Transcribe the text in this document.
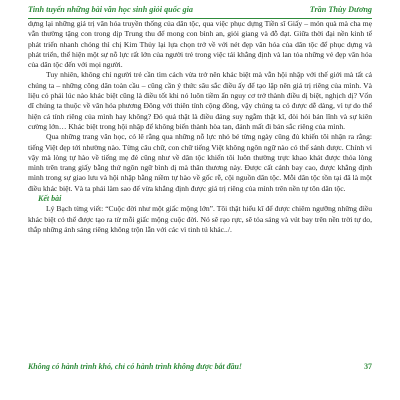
Tinh tuyển những bài văn học sinh giỏi quốc gia	Trần Thùy Dương

dựng lại những giá trị văn hóa truyền thống của dân tộc, qua việc phục dựng Tiền sĩ Giấy – món quà mà cha mẹ vẫn thường tặng con trong dịp Trung thu để mong con bình an, giỏi giang và đỗ đạt. Giữa thời đại nền kinh tế phát triển nhanh chóng thì chị Kim Thủy lại lựa chọn trở về với nét đẹp văn hóa của dân tộc để phục dựng và phát triển, thể hiện một sự nỗ lực rất lớn của người trẻ trong việc tái khẳng định và lan tỏa những vẻ đẹp văn hóa của dân tộc đến với mọi người.

Tuy nhiên, không chỉ người trẻ cần tìm cách vừa trở nên khác biệt mà vẫn hội nhập với thế giới mà tất cả chúng ta – những công dân toàn cầu – cũng cần ý thức sâu sắc điều ấy để tạo lập nên giá trị riêng của mình. Và liệu có phải lúc nào khác biệt cũng là điều tốt khi nó luôn tiềm ẩn nguy cơ trở thành điều dị biệt, nghịch dị? Vốn dĩ chúng ta thuộc về văn hóa phương Đông với thiên tính cộng đồng, vậy chúng ta có được dễ dàng, vì tự do thể hiện cá tính riêng của mình hay không? Đó quả thật là điều đáng suy ngẫm thật kĩ, đòi hỏi bản lĩnh và sự kiên cường lớn… Khác biệt trong hội nhập để không biến thành hòa tan, đánh mất đi bản sắc riêng của mình.

Qua những trang văn học, có lẽ rằng qua những nỗ lực nhỏ bé từng ngày cũng đủ khiến tôi nhận ra rằng: tiếng Việt đẹp tới nhường nào. Từng câu chữ, con chữ tiếng Việt không ngôn ngữ nào có thể sánh được. Chính vì vậy mà lòng tự hào về tiếng mẹ đẻ cũng như về dân tộc khiến tôi luôn thường trực khao khát được thỏa lòng mình trên trang giấy bằng thứ ngôn ngữ bình dị mà thân thương này. Được cất cánh bay cao, được khẳng định mình trong sự giao lưu và hội nhập bằng niềm tự hào về gốc rễ, cội nguồn dân tộc. Mỗi dân tộc tồn tại đã là một điều khác biệt. Và ta phải làm sao để vừa khẳng định được giá trị riêng của mình trên nền tự tôn dân tộc.

Kết bài

Lý Bạch từng viết: “Cuộc đời như một giấc mộng lớn”. Tôi thật hiểu kĩ để được chiêm ngưỡng những điều khác biệt có thể được tạo ra từ mỗi giấc mộng cuộc đời. Nó sẽ rạo rực, sẽ tỏa sáng và vút bay trên nền trời tự do, thắp những ánh sáng riêng không trộn lẫn với các vì tinh tú khác../.

Không có hành trình khó, chỉ có hành trình không được bắt đầu!	37
